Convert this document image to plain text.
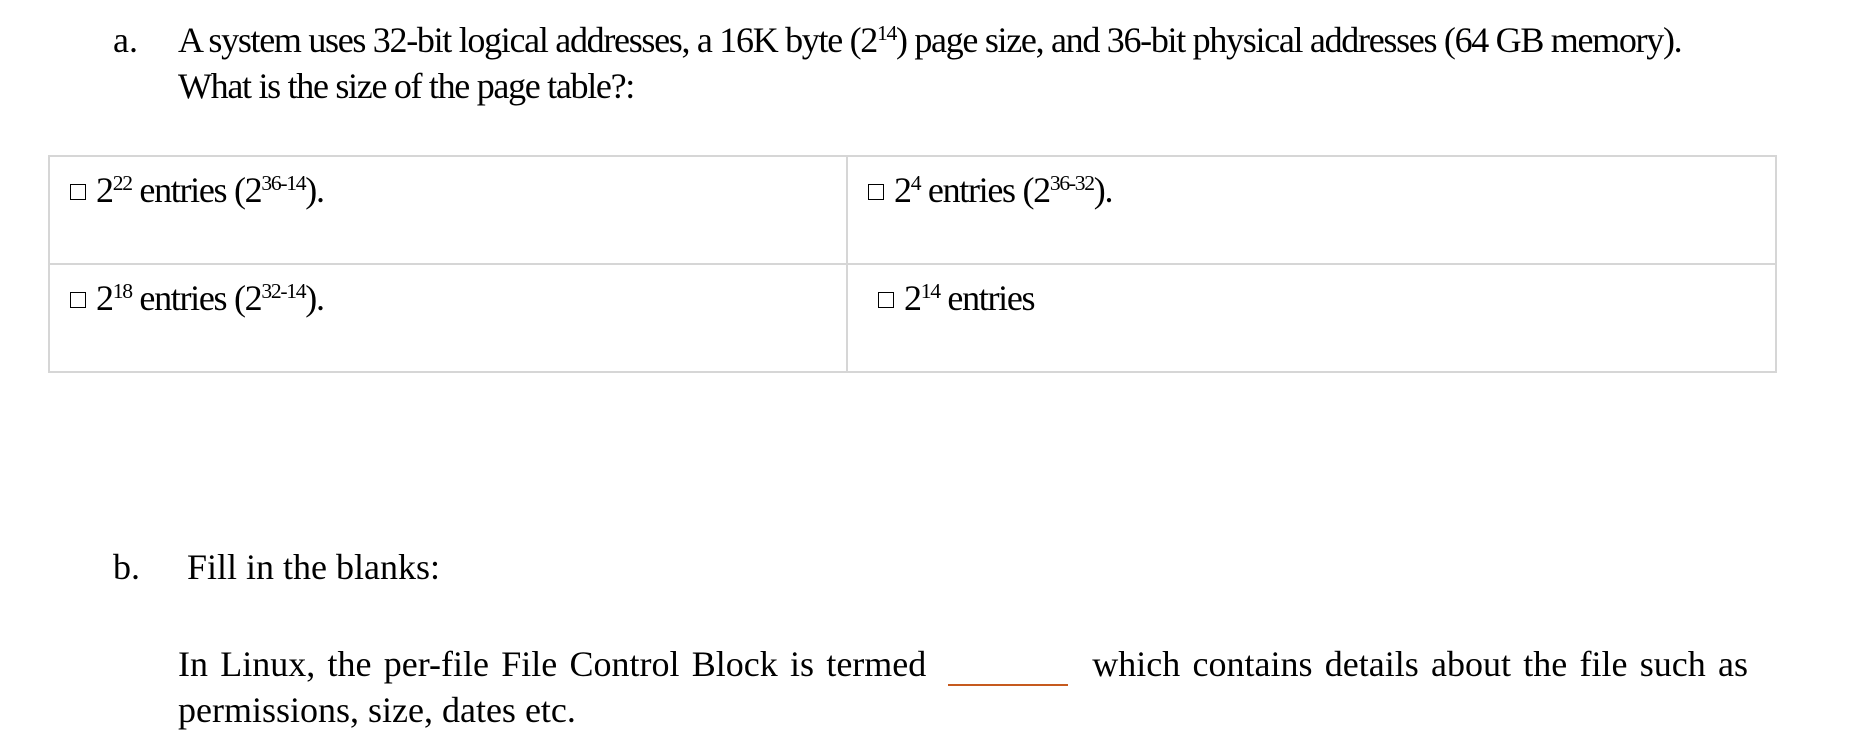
a. A system uses 32-bit logical addresses, a 16K byte $(2^{14})$ page size, and 36-bit physical addresses (64 GB memory). What is the size of the page table?:
$2^{22}$ entries (2$^{36-14}$).	$2^4$ entries (2$^{36-32}$).
$2^{18}$ entries (2$^{32-14}$).	$2^{14}$ entries
b. Fill in the blanks:
In Linux, the per-file File Control Block is termed	which contains details about the file such as permissions, size, dates etc.
